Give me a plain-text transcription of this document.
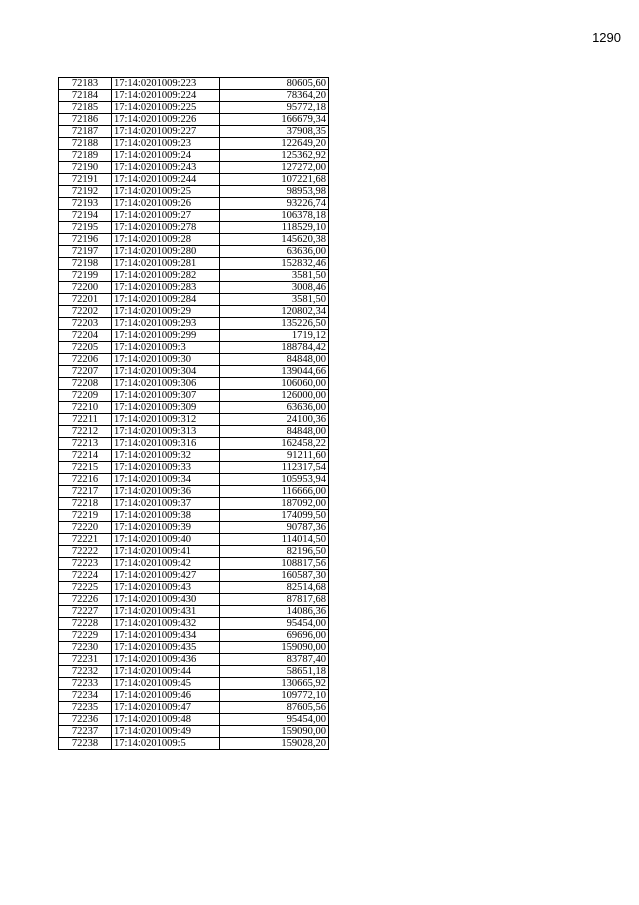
1290
72183	17:14:0201009:223	80605,60
72184	17:14:0201009:224	78364,20
72185	17:14:0201009:225	95772,18
72186	17:14:0201009:226	166679,34
72187	17:14:0201009:227	37908,35
72188	17:14:0201009:23	122649,20
72189	17:14:0201009:24	125362,92
72190	17:14:0201009:243	127272,00
72191	17:14:0201009:244	107221,68
72192	17:14:0201009:25	98953,98
72193	17:14:0201009:26	93226,74
72194	17:14:0201009:27	106378,18
72195	17:14:0201009:278	118529,10
72196	17:14:0201009:28	145620,38
72197	17:14:0201009:280	63636,00
72198	17:14:0201009:281	152832,46
72199	17:14:0201009:282	3581,50
72200	17:14:0201009:283	3008,46
72201	17:14:0201009:284	3581,50
72202	17:14:0201009:29	120802,34
72203	17:14:0201009:293	135226,50
72204	17:14:0201009:299	1719,12
72205	17:14:0201009:3	188784,42
72206	17:14:0201009:30	84848,00
72207	17:14:0201009:304	139044,66
72208	17:14:0201009:306	106060,00
72209	17:14:0201009:307	126000,00
72210	17:14:0201009:309	63636,00
72211	17:14:0201009:312	24100,36
72212	17:14:0201009:313	84848,00
72213	17:14:0201009:316	162458,22
72214	17:14:0201009:32	91211,60
72215	17:14:0201009:33	112317,54
72216	17:14:0201009:34	105953,94
72217	17:14:0201009:36	116666,00
72218	17:14:0201009:37	187092,00
72219	17:14:0201009:38	174099,50
72220	17:14:0201009:39	90787,36
72221	17:14:0201009:40	114014,50
72222	17:14:0201009:41	82196,50
72223	17:14:0201009:42	108817,56
72224	17:14:0201009:427	160587,30
72225	17:14:0201009:43	82514,68
72226	17:14:0201009:430	87817,68
72227	17:14:0201009:431	14086,36
72228	17:14:0201009:432	95454,00
72229	17:14:0201009:434	69696,00
72230	17:14:0201009:435	159090,00
72231	17:14:0201009:436	83787,40
72232	17:14:0201009:44	58651,18
72233	17:14:0201009:45	130665,92
72234	17:14:0201009:46	109772,10
72235	17:14:0201009:47	87605,56
72236	17:14:0201009:48	95454,00
72237	17:14:0201009:49	159090,00
72238	17:14:0201009:5	159028,20
